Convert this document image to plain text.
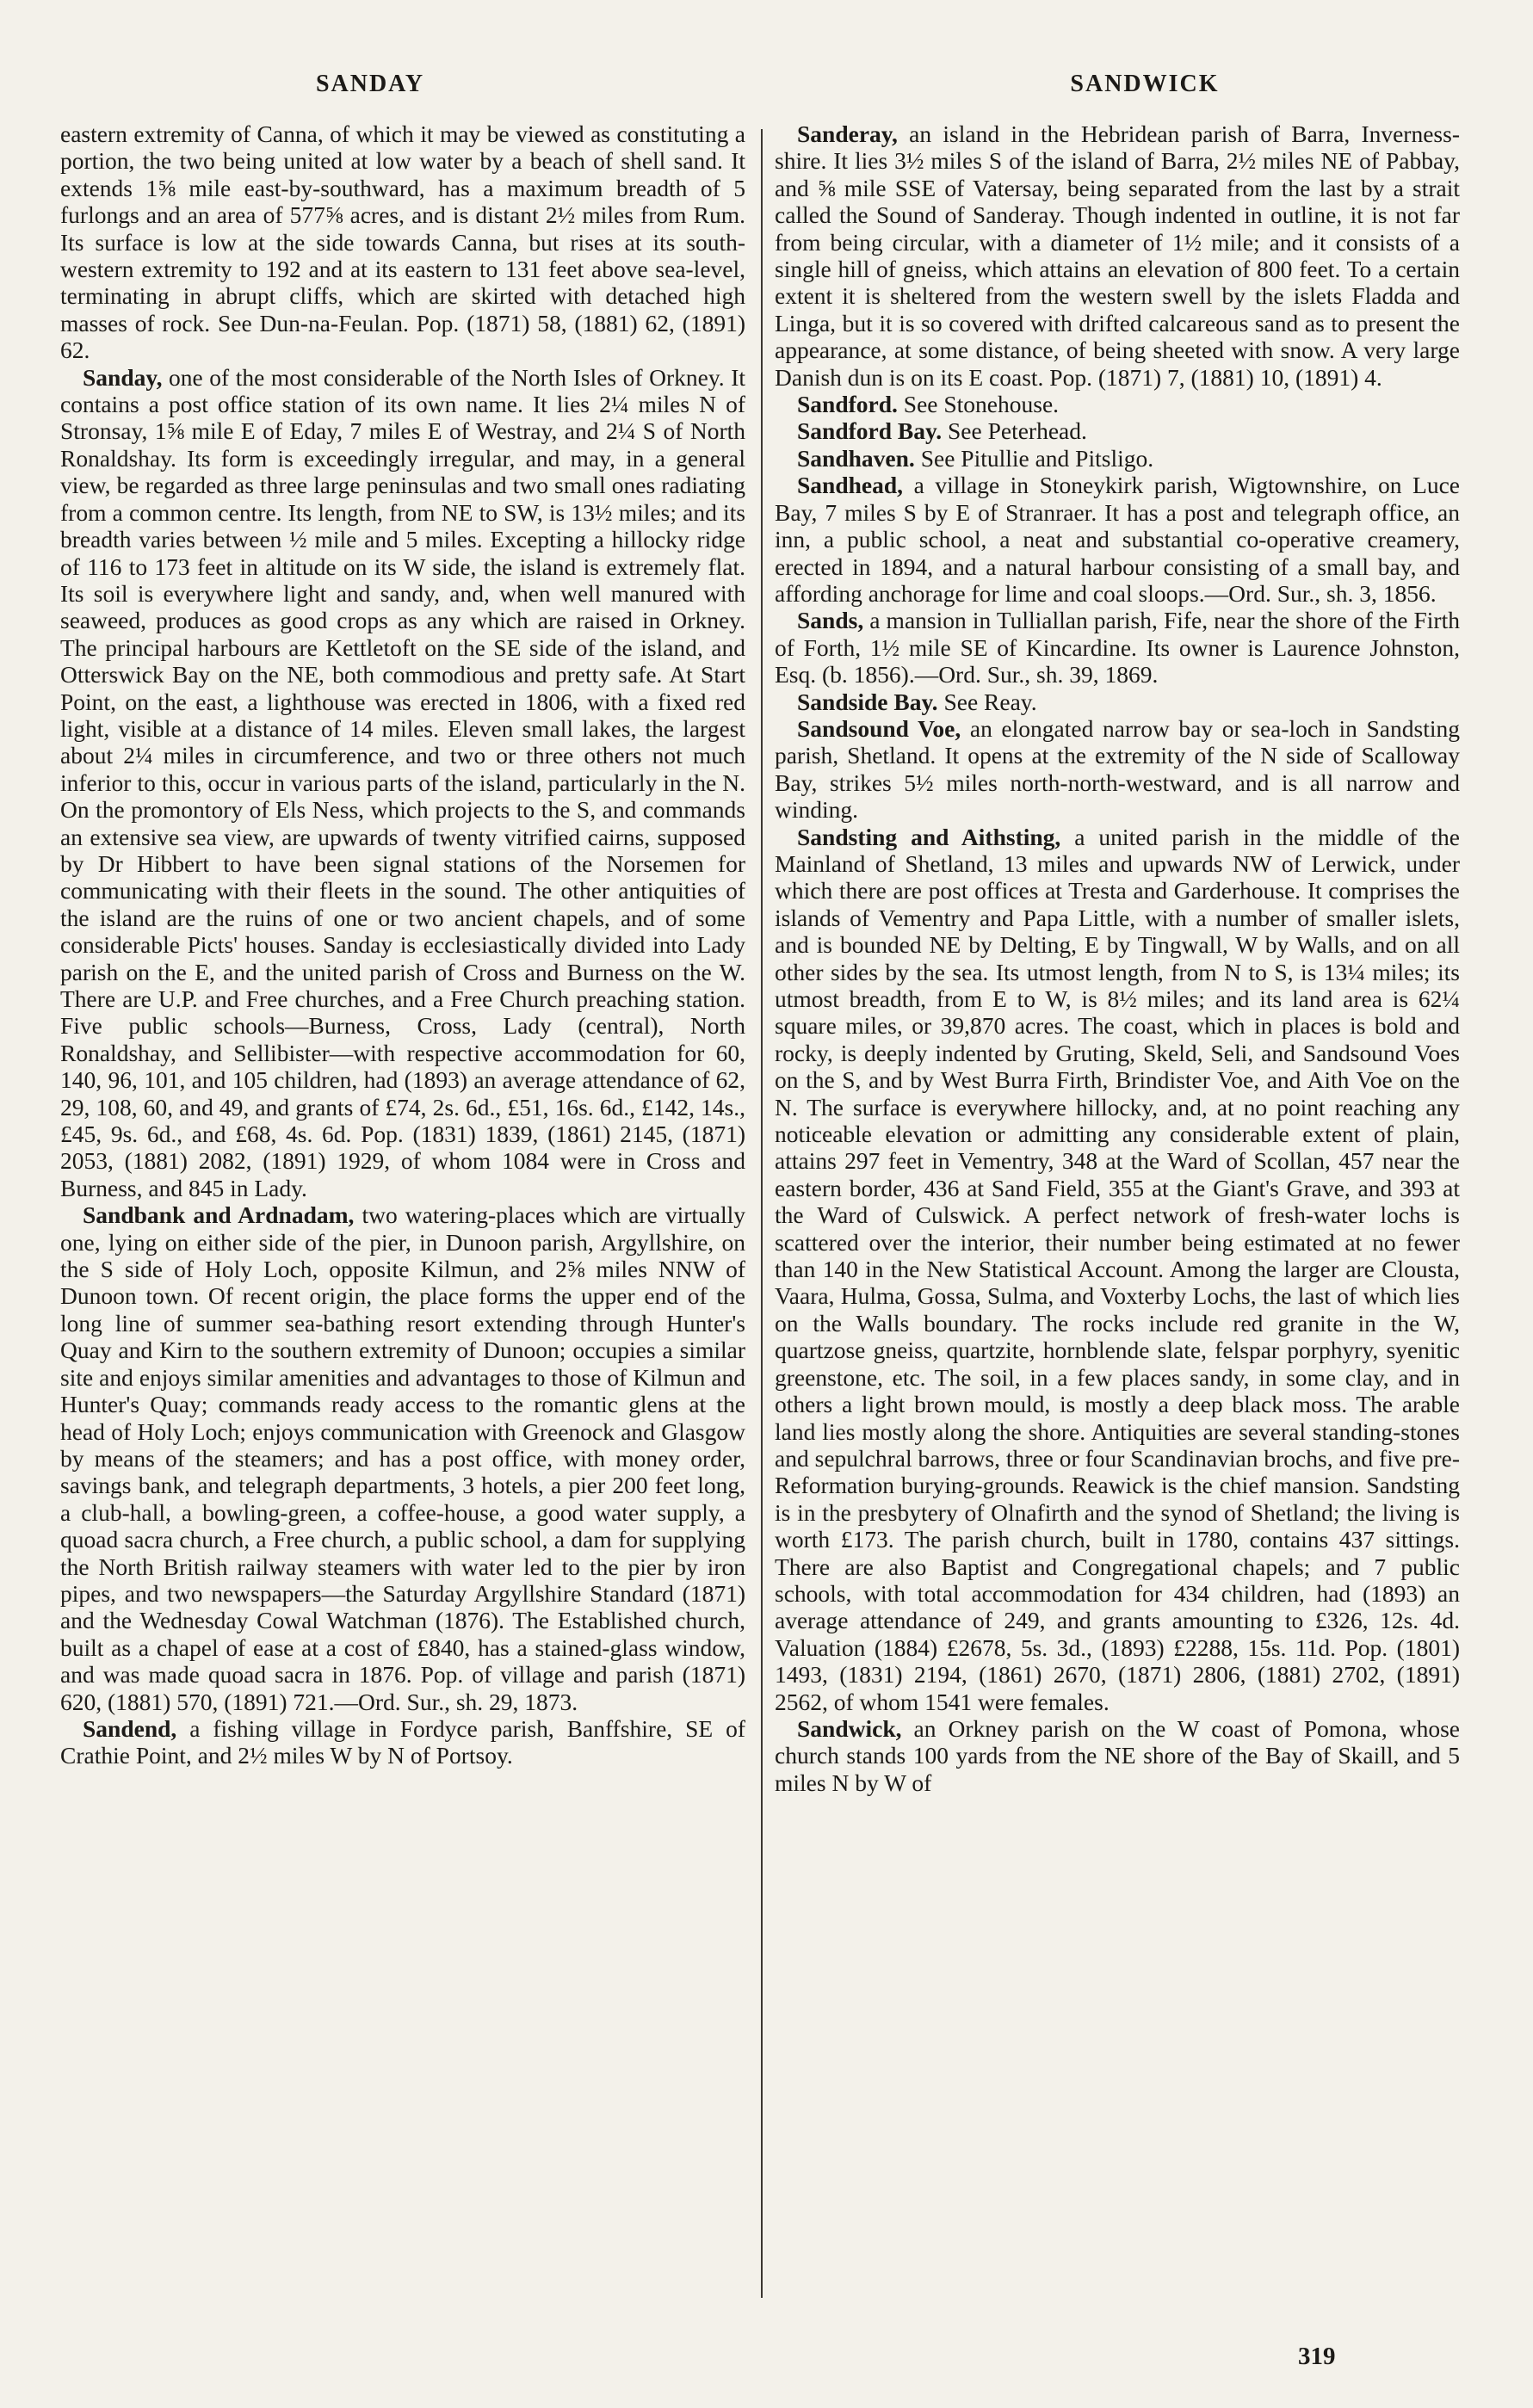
SANDAY	SANDWICK

eastern extremity of Canna, of which it may be viewed as constituting a portion, the two being united at low water by a beach of shell sand. It extends 1⅝ mile east-by-southward, has a maximum breadth of 5 furlongs and an area of 577⅝ acres, and is distant 2½ miles from Rum. Its surface is low at the side towards Canna, but rises at its south-western extremity to 192 and at its eastern to 131 feet above sea-level, terminating in abrupt cliffs, which are skirted with detached high masses of rock. See Dun-na-Feulan. Pop. (1871) 58, (1881) 62, (1891) 62.

Sanday, one of the most considerable of the North Isles of Orkney. It contains a post office station of its own name. It lies 2¼ miles N of Stronsay, 1⅝ mile E of Eday, 7 miles E of Westray, and 2¼ S of North Ronaldshay. Its form is exceedingly irregular, and may, in a general view, be regarded as three large peninsulas and two small ones radiating from a common centre. Its length, from NE to SW, is 13½ miles; and its breadth varies between ½ mile and 5 miles. Excepting a hillocky ridge of 116 to 173 feet in altitude on its W side, the island is extremely flat. Its soil is everywhere light and sandy, and, when well manured with seaweed, produces as good crops as any which are raised in Orkney. The principal harbours are Kettletoft on the SE side of the island, and Otterswick Bay on the NE, both commodious and pretty safe. At Start Point, on the east, a lighthouse was erected in 1806, with a fixed red light, visible at a distance of 14 miles. Eleven small lakes, the largest about 2¼ miles in circumference, and two or three others not much inferior to this, occur in various parts of the island, particularly in the N. On the promontory of Els Ness, which projects to the S, and commands an extensive sea view, are upwards of twenty vitrified cairns, supposed by Dr Hibbert to have been signal stations of the Norsemen for communicating with their fleets in the sound. The other antiquities of the island are the ruins of one or two ancient chapels, and of some considerable Picts' houses. Sanday is ecclesiastically divided into Lady parish on the E, and the united parish of Cross and Burness on the W. There are U.P. and Free churches, and a Free Church preaching station. Five public schools—Burness, Cross, Lady (central), North Ronaldshay, and Sellibister—with respective accommodation for 60, 140, 96, 101, and 105 children, had (1893) an average attendance of 62, 29, 108, 60, and 49, and grants of £74, 2s. 6d., £51, 16s. 6d., £142, 14s., £45, 9s. 6d., and £68, 4s. 6d. Pop. (1831) 1839, (1861) 2145, (1871) 2053, (1881) 2082, (1891) 1929, of whom 1084 were in Cross and Burness, and 845 in Lady.

Sandbank and Ardnadam, two watering-places which are virtually one, lying on either side of the pier, in Dunoon parish, Argyllshire, on the S side of Holy Loch, opposite Kilmun, and 2⅝ miles NNW of Dunoon town. Of recent origin, the place forms the upper end of the long line of summer sea-bathing resort extending through Hunter's Quay and Kirn to the southern extremity of Dunoon; occupies a similar site and enjoys similar amenities and advantages to those of Kilmun and Hunter's Quay; commands ready access to the romantic glens at the head of Holy Loch; enjoys communication with Greenock and Glasgow by means of the steamers; and has a post office, with money order, savings bank, and telegraph departments, 3 hotels, a pier 200 feet long, a club-hall, a bowling-green, a coffee-house, a good water supply, a quoad sacra church, a Free church, a public school, a dam for supplying the North British railway steamers with water led to the pier by iron pipes, and two newspapers—the Saturday Argyllshire Standard (1871) and the Wednesday Cowal Watchman (1876). The Established church, built as a chapel of ease at a cost of £840, has a stained-glass window, and was made quoad sacra in 1876. Pop. of village and parish (1871) 620, (1881) 570, (1891) 721.—Ord. Sur., sh. 29, 1873.

Sandend, a fishing village in Fordyce parish, Banffshire, SE of Crathie Point, and 2½ miles W by N of Portsoy.

Sanderay, an island in the Hebridean parish of Barra, Inverness-shire. It lies 3½ miles S of the island of Barra, 2½ miles NE of Pabbay, and ⅝ mile SSE of Vatersay, being separated from the last by a strait called the Sound of Sanderay. Though indented in outline, it is not far from being circular, with a diameter of 1½ mile; and it consists of a single hill of gneiss, which attains an elevation of 800 feet. To a certain extent it is sheltered from the western swell by the islets Fladda and Linga, but it is so covered with drifted calcareous sand as to present the appearance, at some distance, of being sheeted with snow. A very large Danish dun is on its E coast. Pop. (1871) 7, (1881) 10, (1891) 4.

Sandford. See Stonehouse.

Sandford Bay. See Peterhead.

Sandhaven. See Pitullie and Pitsligo.

Sandhead, a village in Stoneykirk parish, Wigtownshire, on Luce Bay, 7 miles S by E of Stranraer. It has a post and telegraph office, an inn, a public school, a neat and substantial co-operative creamery, erected in 1894, and a natural harbour consisting of a small bay, and affording anchorage for lime and coal sloops.—Ord. Sur., sh. 3, 1856.

Sands, a mansion in Tulliallan parish, Fife, near the shore of the Firth of Forth, 1½ mile SE of Kincardine. Its owner is Laurence Johnston, Esq. (b. 1856).—Ord. Sur., sh. 39, 1869.

Sandside Bay. See Reay.

Sandsound Voe, an elongated narrow bay or sea-loch in Sandsting parish, Shetland. It opens at the extremity of the N side of Scalloway Bay, strikes 5½ miles north-north-westward, and is all narrow and winding.

Sandsting and Aithsting, a united parish in the middle of the Mainland of Shetland, 13 miles and upwards NW of Lerwick, under which there are post offices at Tresta and Garderhouse. It comprises the islands of Vementry and Papa Little, with a number of smaller islets, and is bounded NE by Delting, E by Tingwall, W by Walls, and on all other sides by the sea. Its utmost length, from N to S, is 13¼ miles; its utmost breadth, from E to W, is 8½ miles; and its land area is 62¼ square miles, or 39,870 acres. The coast, which in places is bold and rocky, is deeply indented by Gruting, Skeld, Seli, and Sandsound Voes on the S, and by West Burra Firth, Brindister Voe, and Aith Voe on the N. The surface is everywhere hillocky, and, at no point reaching any noticeable elevation or admitting any considerable extent of plain, attains 297 feet in Vementry, 348 at the Ward of Scollan, 457 near the eastern border, 436 at Sand Field, 355 at the Giant's Grave, and 393 at the Ward of Culswick. A perfect network of fresh-water lochs is scattered over the interior, their number being estimated at no fewer than 140 in the New Statistical Account. Among the larger are Clousta, Vaara, Hulma, Gossa, Sulma, and Voxterby Lochs, the last of which lies on the Walls boundary. The rocks include red granite in the W, quartzose gneiss, quartzite, hornblende slate, felspar porphyry, syenitic greenstone, etc. The soil, in a few places sandy, in some clay, and in others a light brown mould, is mostly a deep black moss. The arable land lies mostly along the shore. Antiquities are several standing-stones and sepulchral barrows, three or four Scandinavian brochs, and five pre-Reformation burying-grounds. Reawick is the chief mansion. Sandsting is in the presbytery of Olnafirth and the synod of Shetland; the living is worth £173. The parish church, built in 1780, contains 437 sittings. There are also Baptist and Congregational chapels; and 7 public schools, with total accommodation for 434 children, had (1893) an average attendance of 249, and grants amounting to £326, 12s. 4d. Valuation (1884) £2678, 5s. 3d., (1893) £2288, 15s. 11d. Pop. (1801) 1493, (1831) 2194, (1861) 2670, (1871) 2806, (1881) 2702, (1891) 2562, of whom 1541 were females.

Sandwick, an Orkney parish on the W coast of Pomona, whose church stands 100 yards from the NE shore of the Bay of Skaill, and 5 miles N by W of

319
